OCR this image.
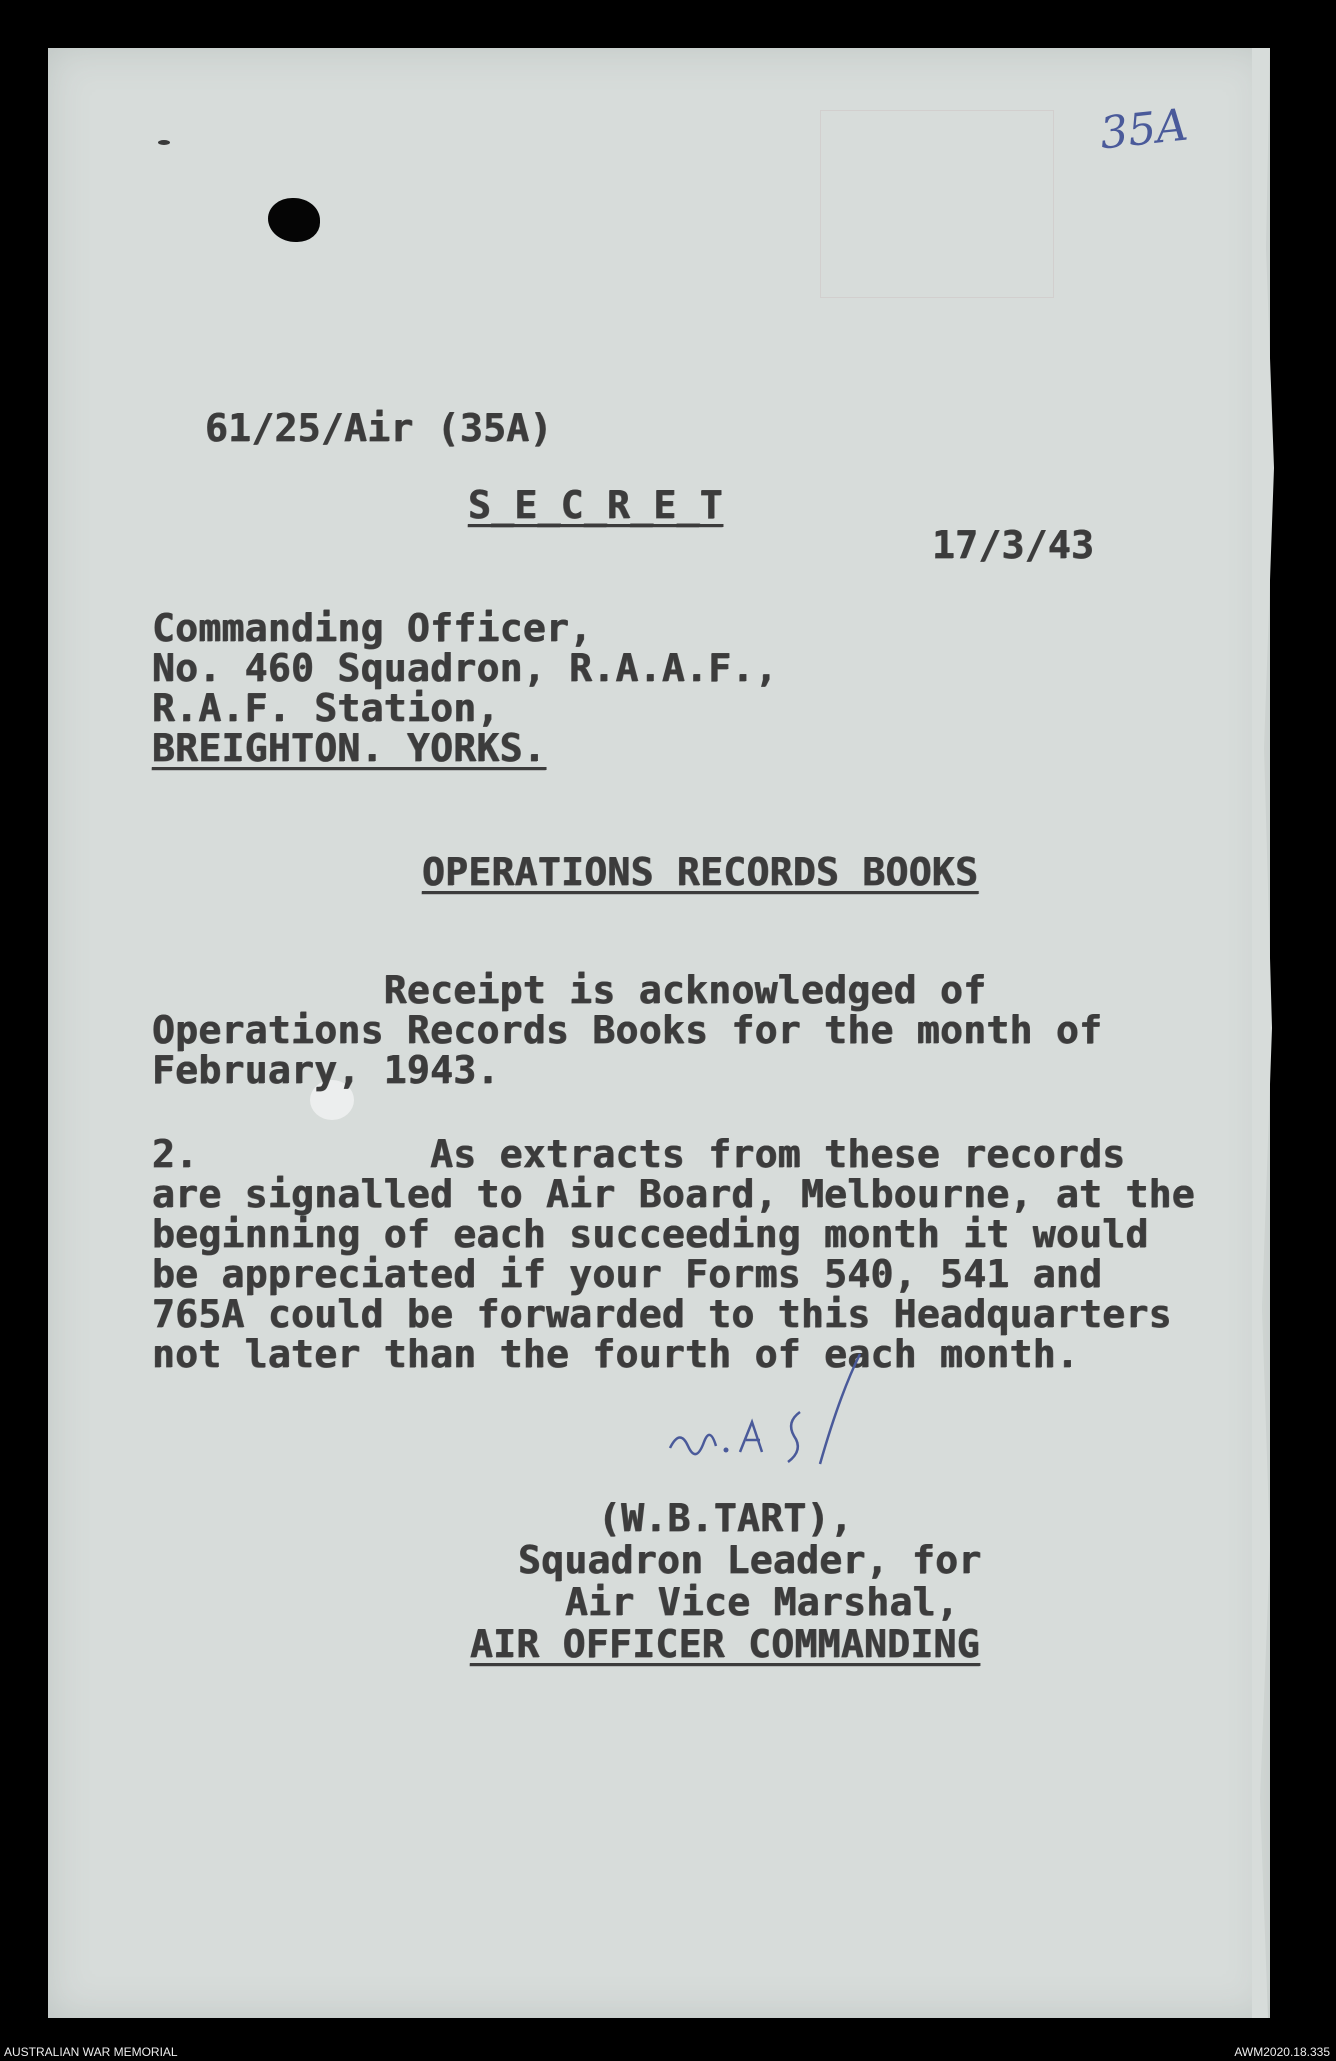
35A
61/25/Air (35A)
S_E_C_R_E_T
17/3/43
Commanding Officer,
No. 460 Squadron, R.A.A.F.,
R.A.F. Station,
BREIGHTON. YORKS.
OPERATIONS RECORDS BOOKS
Receipt is acknowledged of
Operations Records Books for the month of
February, 1943.
2.          As extracts from these records
are signalled to Air Board, Melbourne, at the
beginning of each succeeding month it would
be appreciated if your Forms 540, 541 and
765A could be forwarded to this Headquarters
not later than the fourth of each month.
(W.B.TART),
Squadron Leader, for
Air Vice Marshal,
AIR OFFICER COMMANDING
AUSTRALIAN WAR MEMORIAL	AWM2020.18.335
